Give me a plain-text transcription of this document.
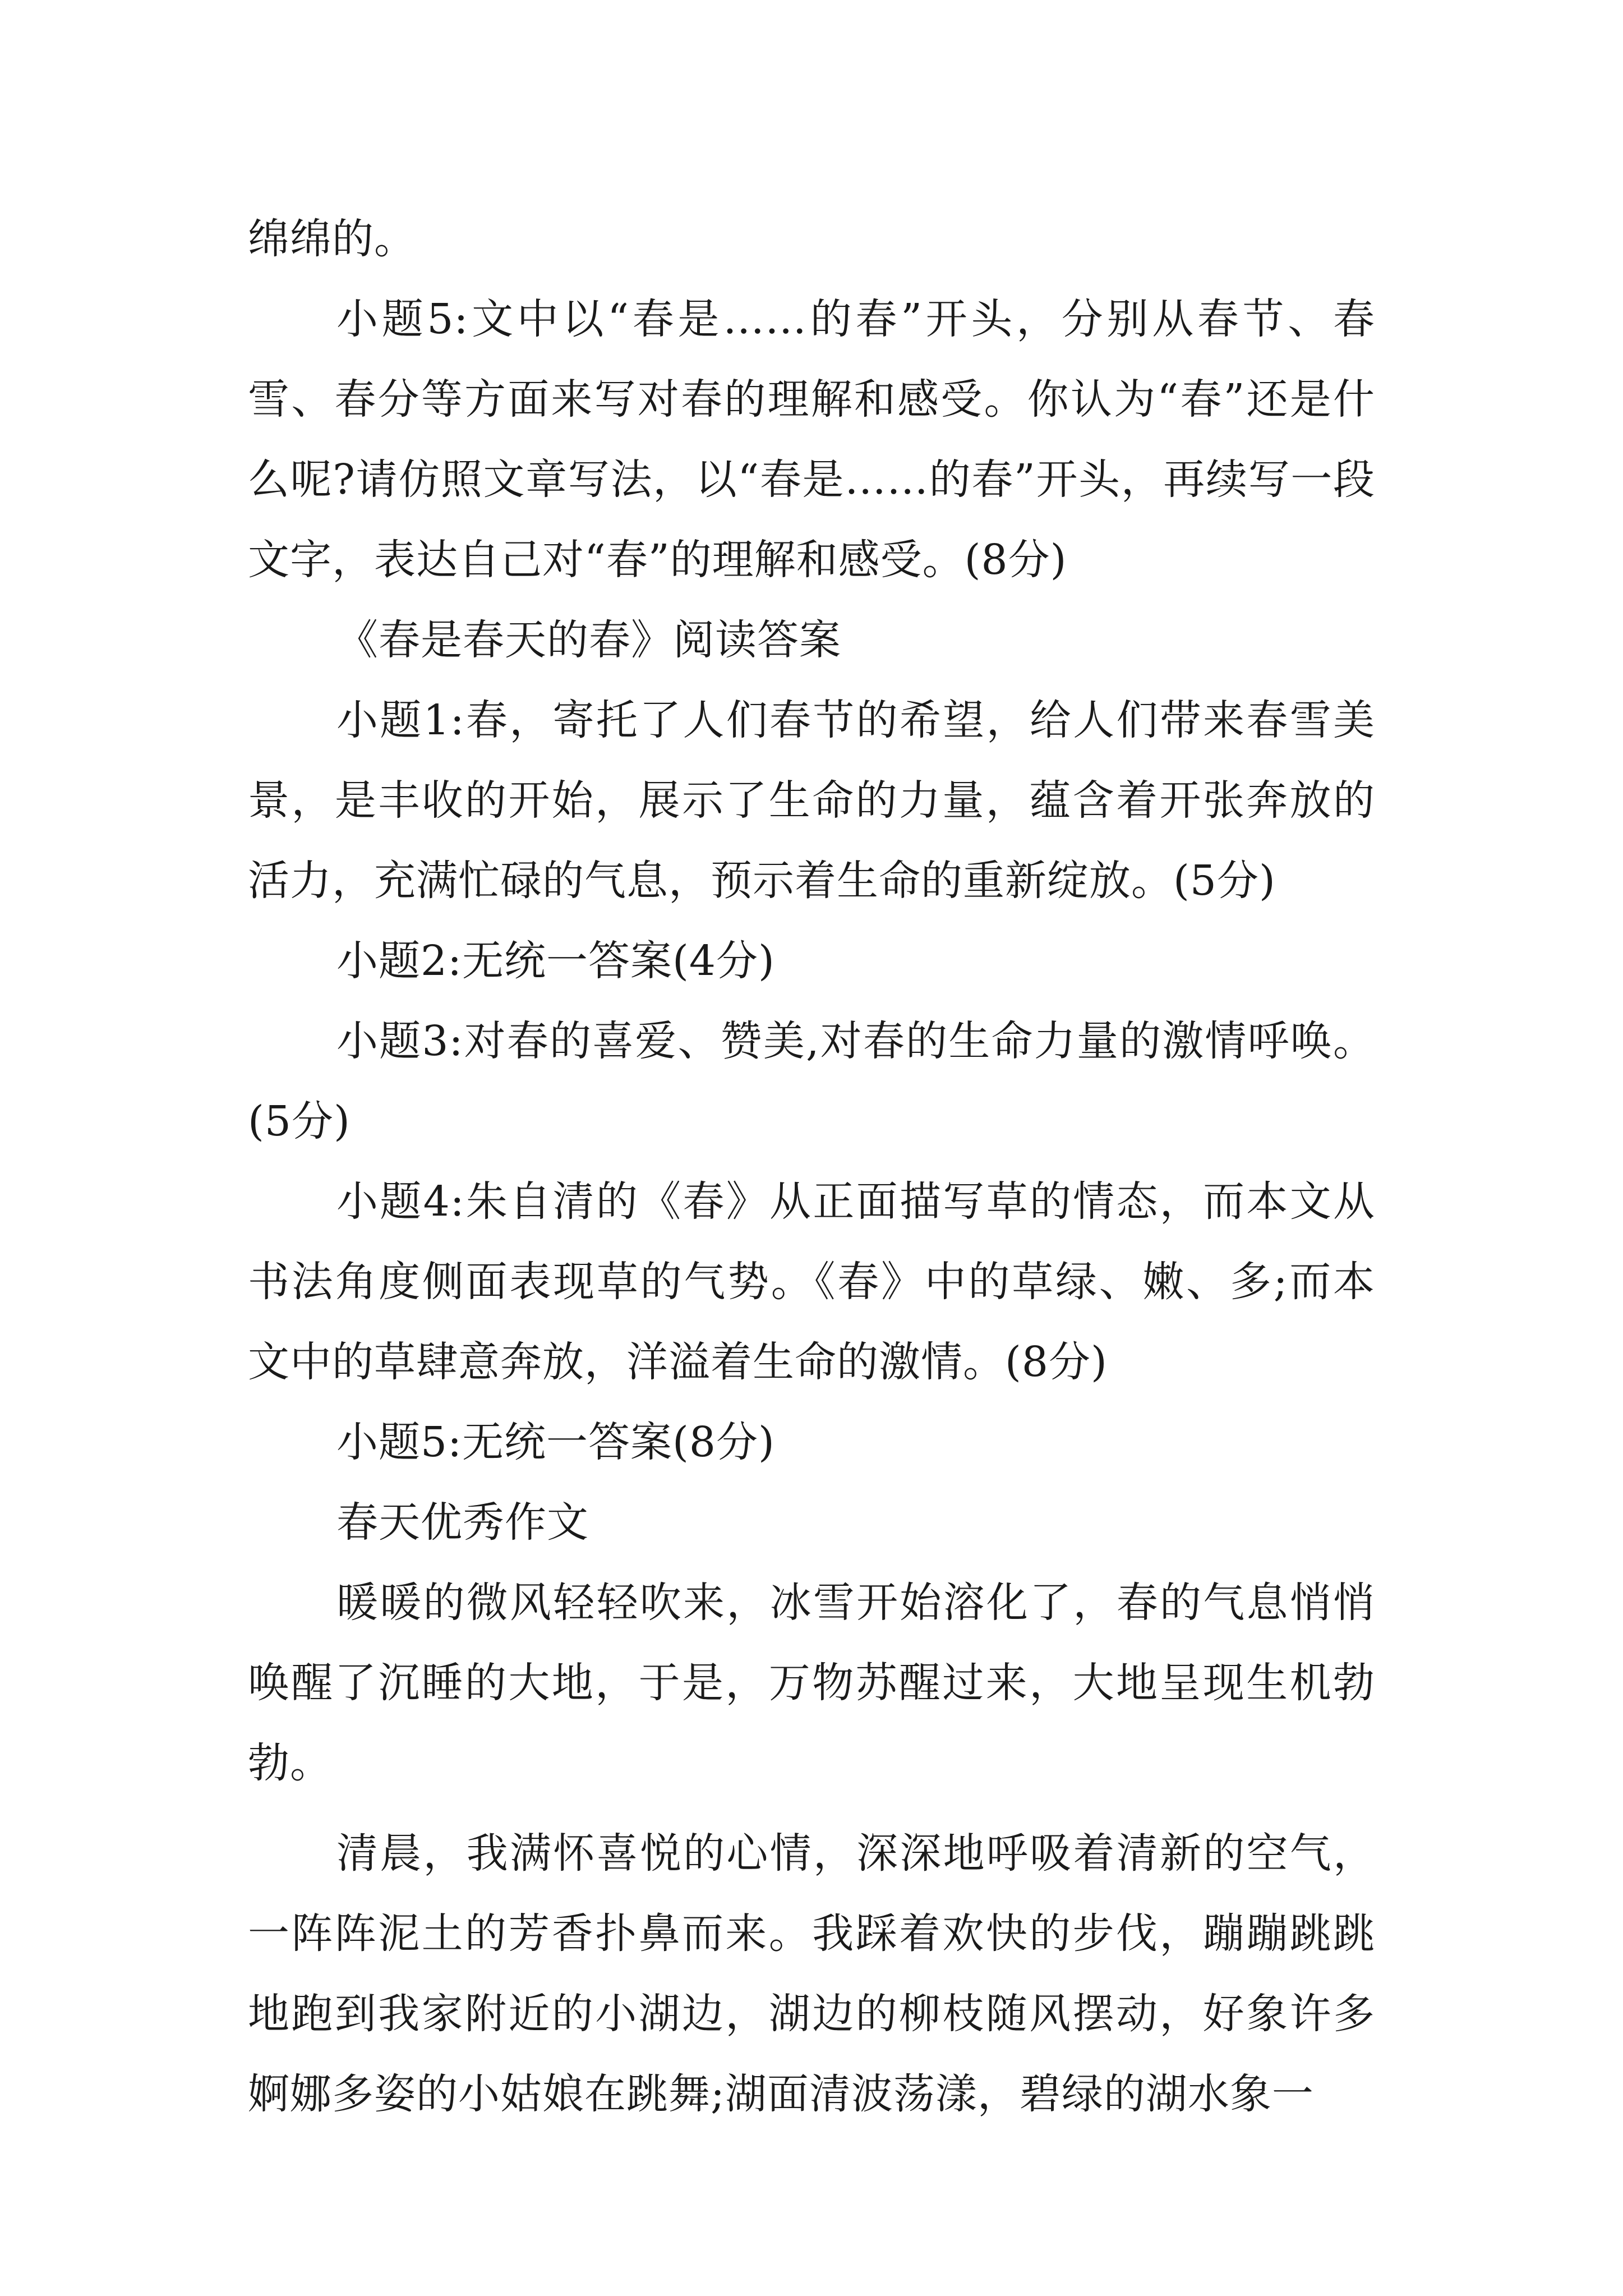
绵绵的。

小题5:文中以“春是……的春”开头，分别从春节、春雪、春分等方面来写对春的理解和感受。你认为“春”还是什么呢?请仿照文章写法，以“春是……的春”开头，再续写一段文字，表达自己对“春”的理解和感受。(8分)

《春是春天的春》阅读答案

小题1:春，寄托了人们春节的希望，给人们带来春雪美景，是丰收的开始，展示了生命的力量，蕴含着开张奔放的活力，充满忙碌的气息，预示着生命的重新绽放。(5分)

小题2:无统一答案(4分)

小题3:对春的喜爱、赞美,对春的生命力量的激情呼唤。(5分)

小题4:朱自清的《春》从正面描写草的情态，而本文从书法角度侧面表现草的气势。《春》中的草绿、嫩、多;而本文中的草肆意奔放，洋溢着生命的激情。(8分)

小题5:无统一答案(8分)

春天优秀作文

暖暖的微风轻轻吹来，冰雪开始溶化了，春的气息悄悄唤醒了沉睡的大地，于是，万物苏醒过来，大地呈现生机勃勃。

清晨，我满怀喜悦的心情，深深地呼吸着清新的空气，一阵阵泥土的芳香扑鼻而来。我踩着欢快的步伐，蹦蹦跳跳地跑到我家附近的小湖边，湖边的柳枝随风摆动，好象许多婀娜多姿的小姑娘在跳舞;湖面清波荡漾，碧绿的湖水象一
